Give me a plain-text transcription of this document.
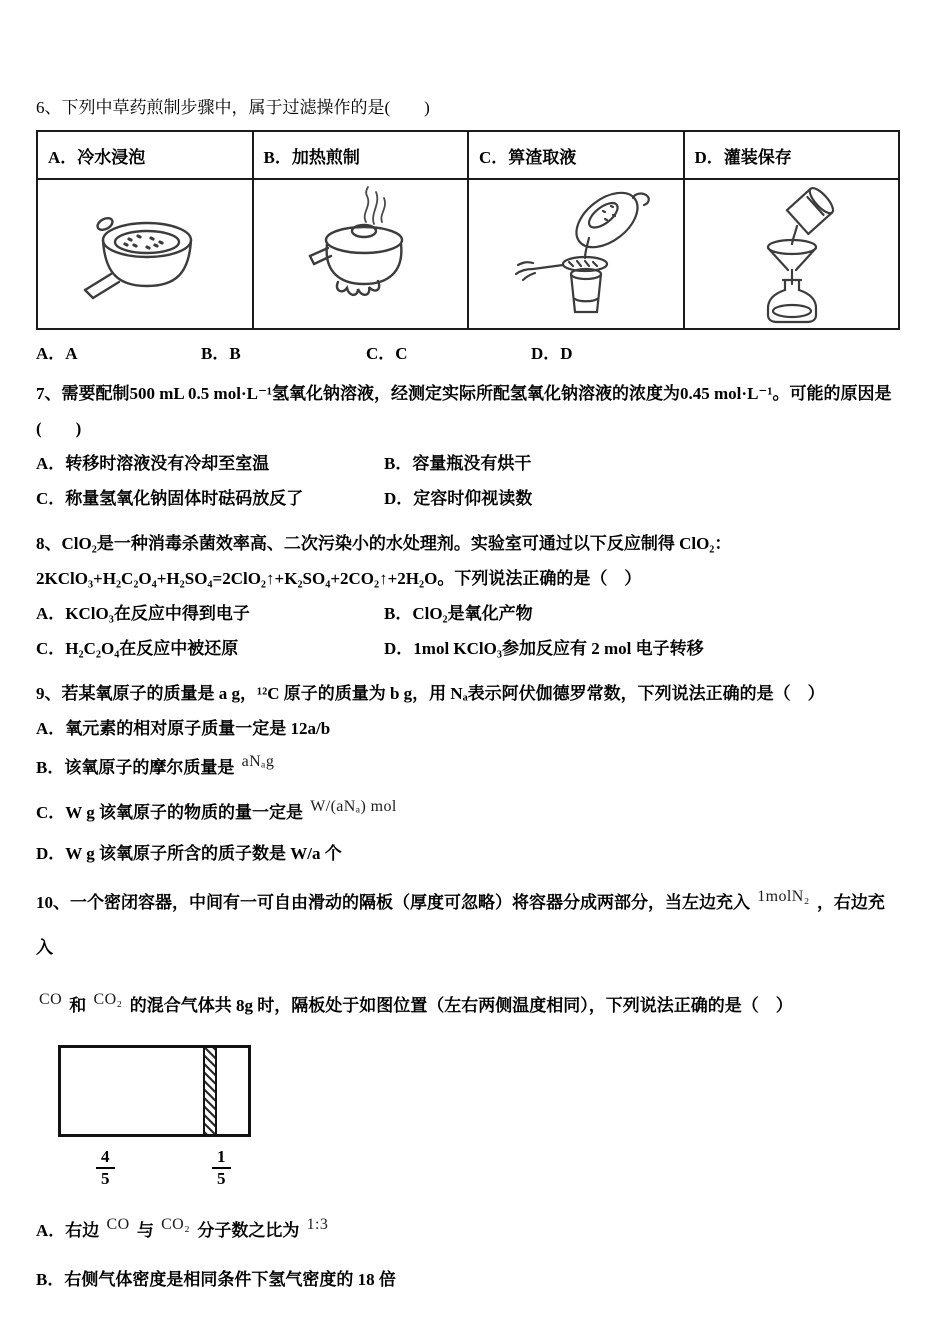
6、下列中草药煎制步骤中，属于过滤操作的是(　　)

A．冷水浸泡	B．加热煎制	C．箅渣取液	D．灌装保存

A．A	B．B	C．C	D．D

7、需要配制500 mL 0.5 mol·L⁻¹氢氧化钠溶液，经测定实际所配氢氧化钠溶液的浓度为0.45 mol·L⁻¹。可能的原因是(　　)

A．转移时溶液没有冷却至室温	B．容量瓶没有烘干

C．称量氢氧化钠固体时砝码放反了	D．定容时仰视读数

8、ClO₂是一种消毒杀菌效率高、二次污染小的水处理剂。实验室可通过以下反应制得 ClO₂：2KClO₃+H₂C₂O₄+H₂SO₄=2ClO₂↑+K₂SO₄+2CO₂↑+2H₂O。下列说法正确的是（　）

A．KClO₃在反应中得到电子	B．ClO₂是氧化产物

C．H₂C₂O₄在反应中被还原	D．1mol KClO₃参加反应有 2 mol 电子转移

9、若某氧原子的质量是 a g，¹²C 原子的质量为 b g，用 Nₐ表示阿伏伽德罗常数，下列说法正确的是（　）

A．氧元素的相对原子质量一定是 12a/b

B．该氧原子的摩尔质量是 aNₐg

C．W g 该氧原子的物质的量一定是 W/(aNₐ) mol

D．W g 该氧原子所含的质子数是 W/a 个

10、一个密闭容器，中间有一可自由滑动的隔板（厚度可忽略）将容器分成两部分，当左边充入 1molN₂ ，右边充入

CO 和 CO₂ 的混合气体共 8g 时，隔板处于如图位置（左右两侧温度相同），下列说法正确的是（　）

$\frac{4}{5}$	$\frac{1}{5}$

A．右边 CO 与 CO₂ 分子数之比为 1:3

B．右侧气体密度是相同条件下氢气密度的 18 倍
